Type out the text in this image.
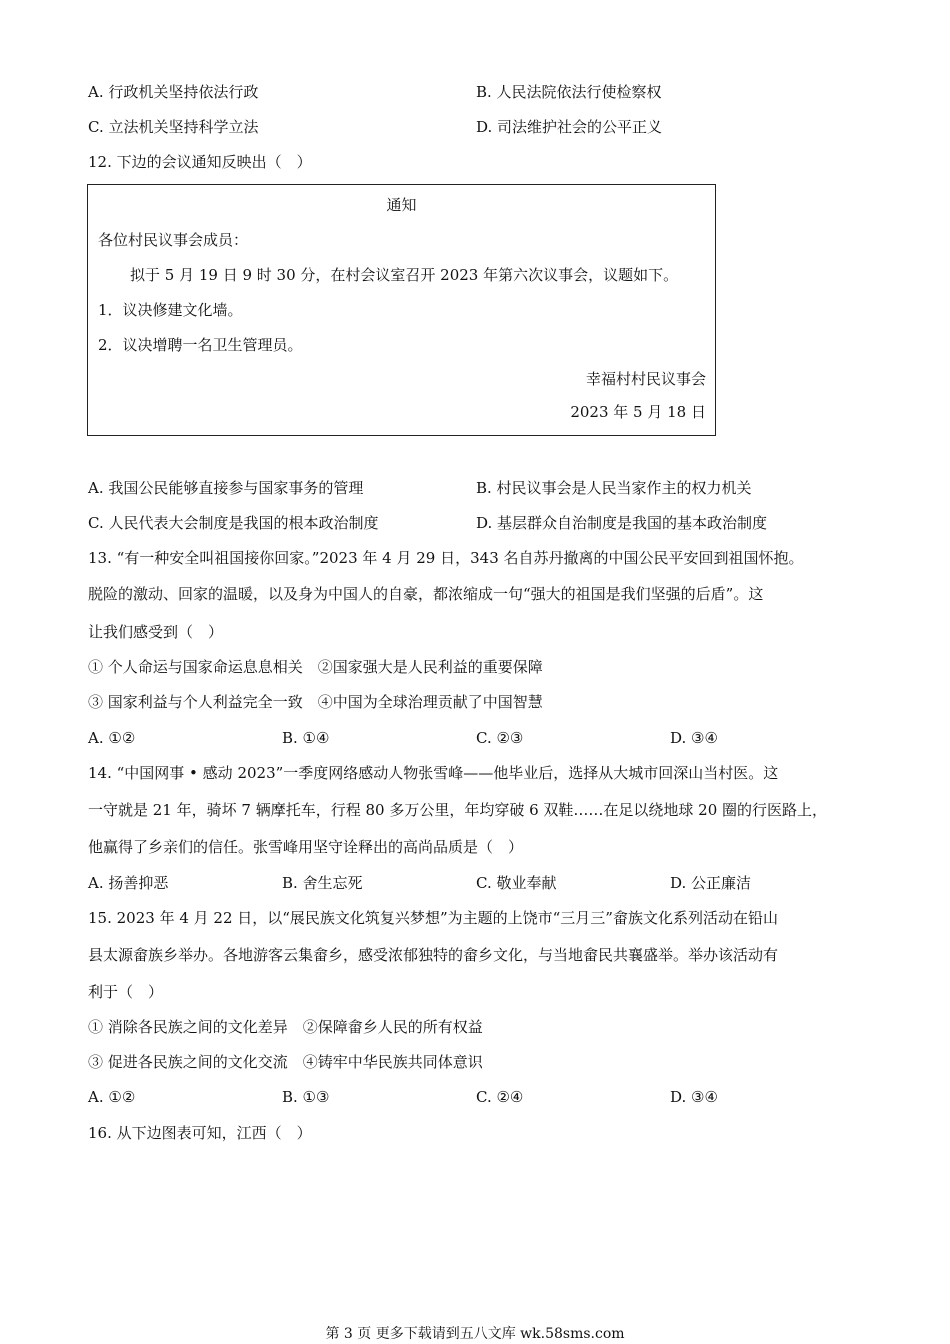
A. 行政机关坚持依法行政	B. 人民法院依法行使检察权
C. 立法机关坚持科学立法	D. 司法维护社会的公平正义
12. 下边的会议通知反映出（　）
通知
各位村民议事会成员：
拟于 5 月 19 日 9 时 30 分，在村会议室召开 2023 年第六次议事会，议题如下。
1．议决修建文化墙。
2．议决增聘一名卫生管理员。
幸福村村民议事会
2023 年 5 月 18 日
A. 我国公民能够直接参与国家事务的管理	B. 村民议事会是人民当家作主的权力机关
C. 人民代表大会制度是我国的根本政治制度	D. 基层群众自治制度是我国的基本政治制度
13. “有一种安全叫祖国接你回家。”2023 年 4 月 29 日，343 名自苏丹撤离的中国公民平安回到祖国怀抱。
脱险的激动、回家的温暖，以及身为中国人的自豪，都浓缩成一句“强大的祖国是我们坚强的后盾”。这
让我们感受到（　）
① 个人命运与国家命运息息相关　②国家强大是人民利益的重要保障
③ 国家利益与个人利益完全一致　④中国为全球治理贡献了中国智慧
A. ①②	B. ①④	C. ②③	D. ③④
14. “中国网事 • 感动 2023”一季度网络感动人物张雪峰——他毕业后，选择从大城市回深山当村医。这
一守就是 21 年，骑坏 7 辆摩托车，行程 80 多万公里，年均穿破 6 双鞋……在足以绕地球 20 圈的行医路上，
他赢得了乡亲们的信任。张雪峰用坚守诠释出的高尚品质是（　）
A. 扬善抑恶	B. 舍生忘死	C. 敬业奉献	D. 公正廉洁
15. 2023 年 4 月 22 日，以“展民族文化筑复兴梦想”为主题的上饶市“三月三”畲族文化系列活动在铅山
县太源畲族乡举办。各地游客云集畲乡，感受浓郁独特的畲乡文化，与当地畲民共襄盛举。举办该活动有
利于（　）
① 消除各民族之间的文化差异　②保障畲乡人民的所有权益
③ 促进各民族之间的文化交流　④铸牢中华民族共同体意识
A. ①②	B. ①③	C. ②④	D. ③④
16. 从下边图表可知，江西（　）
第 3 页 更多下载请到五八文库 wk.58sms.com
